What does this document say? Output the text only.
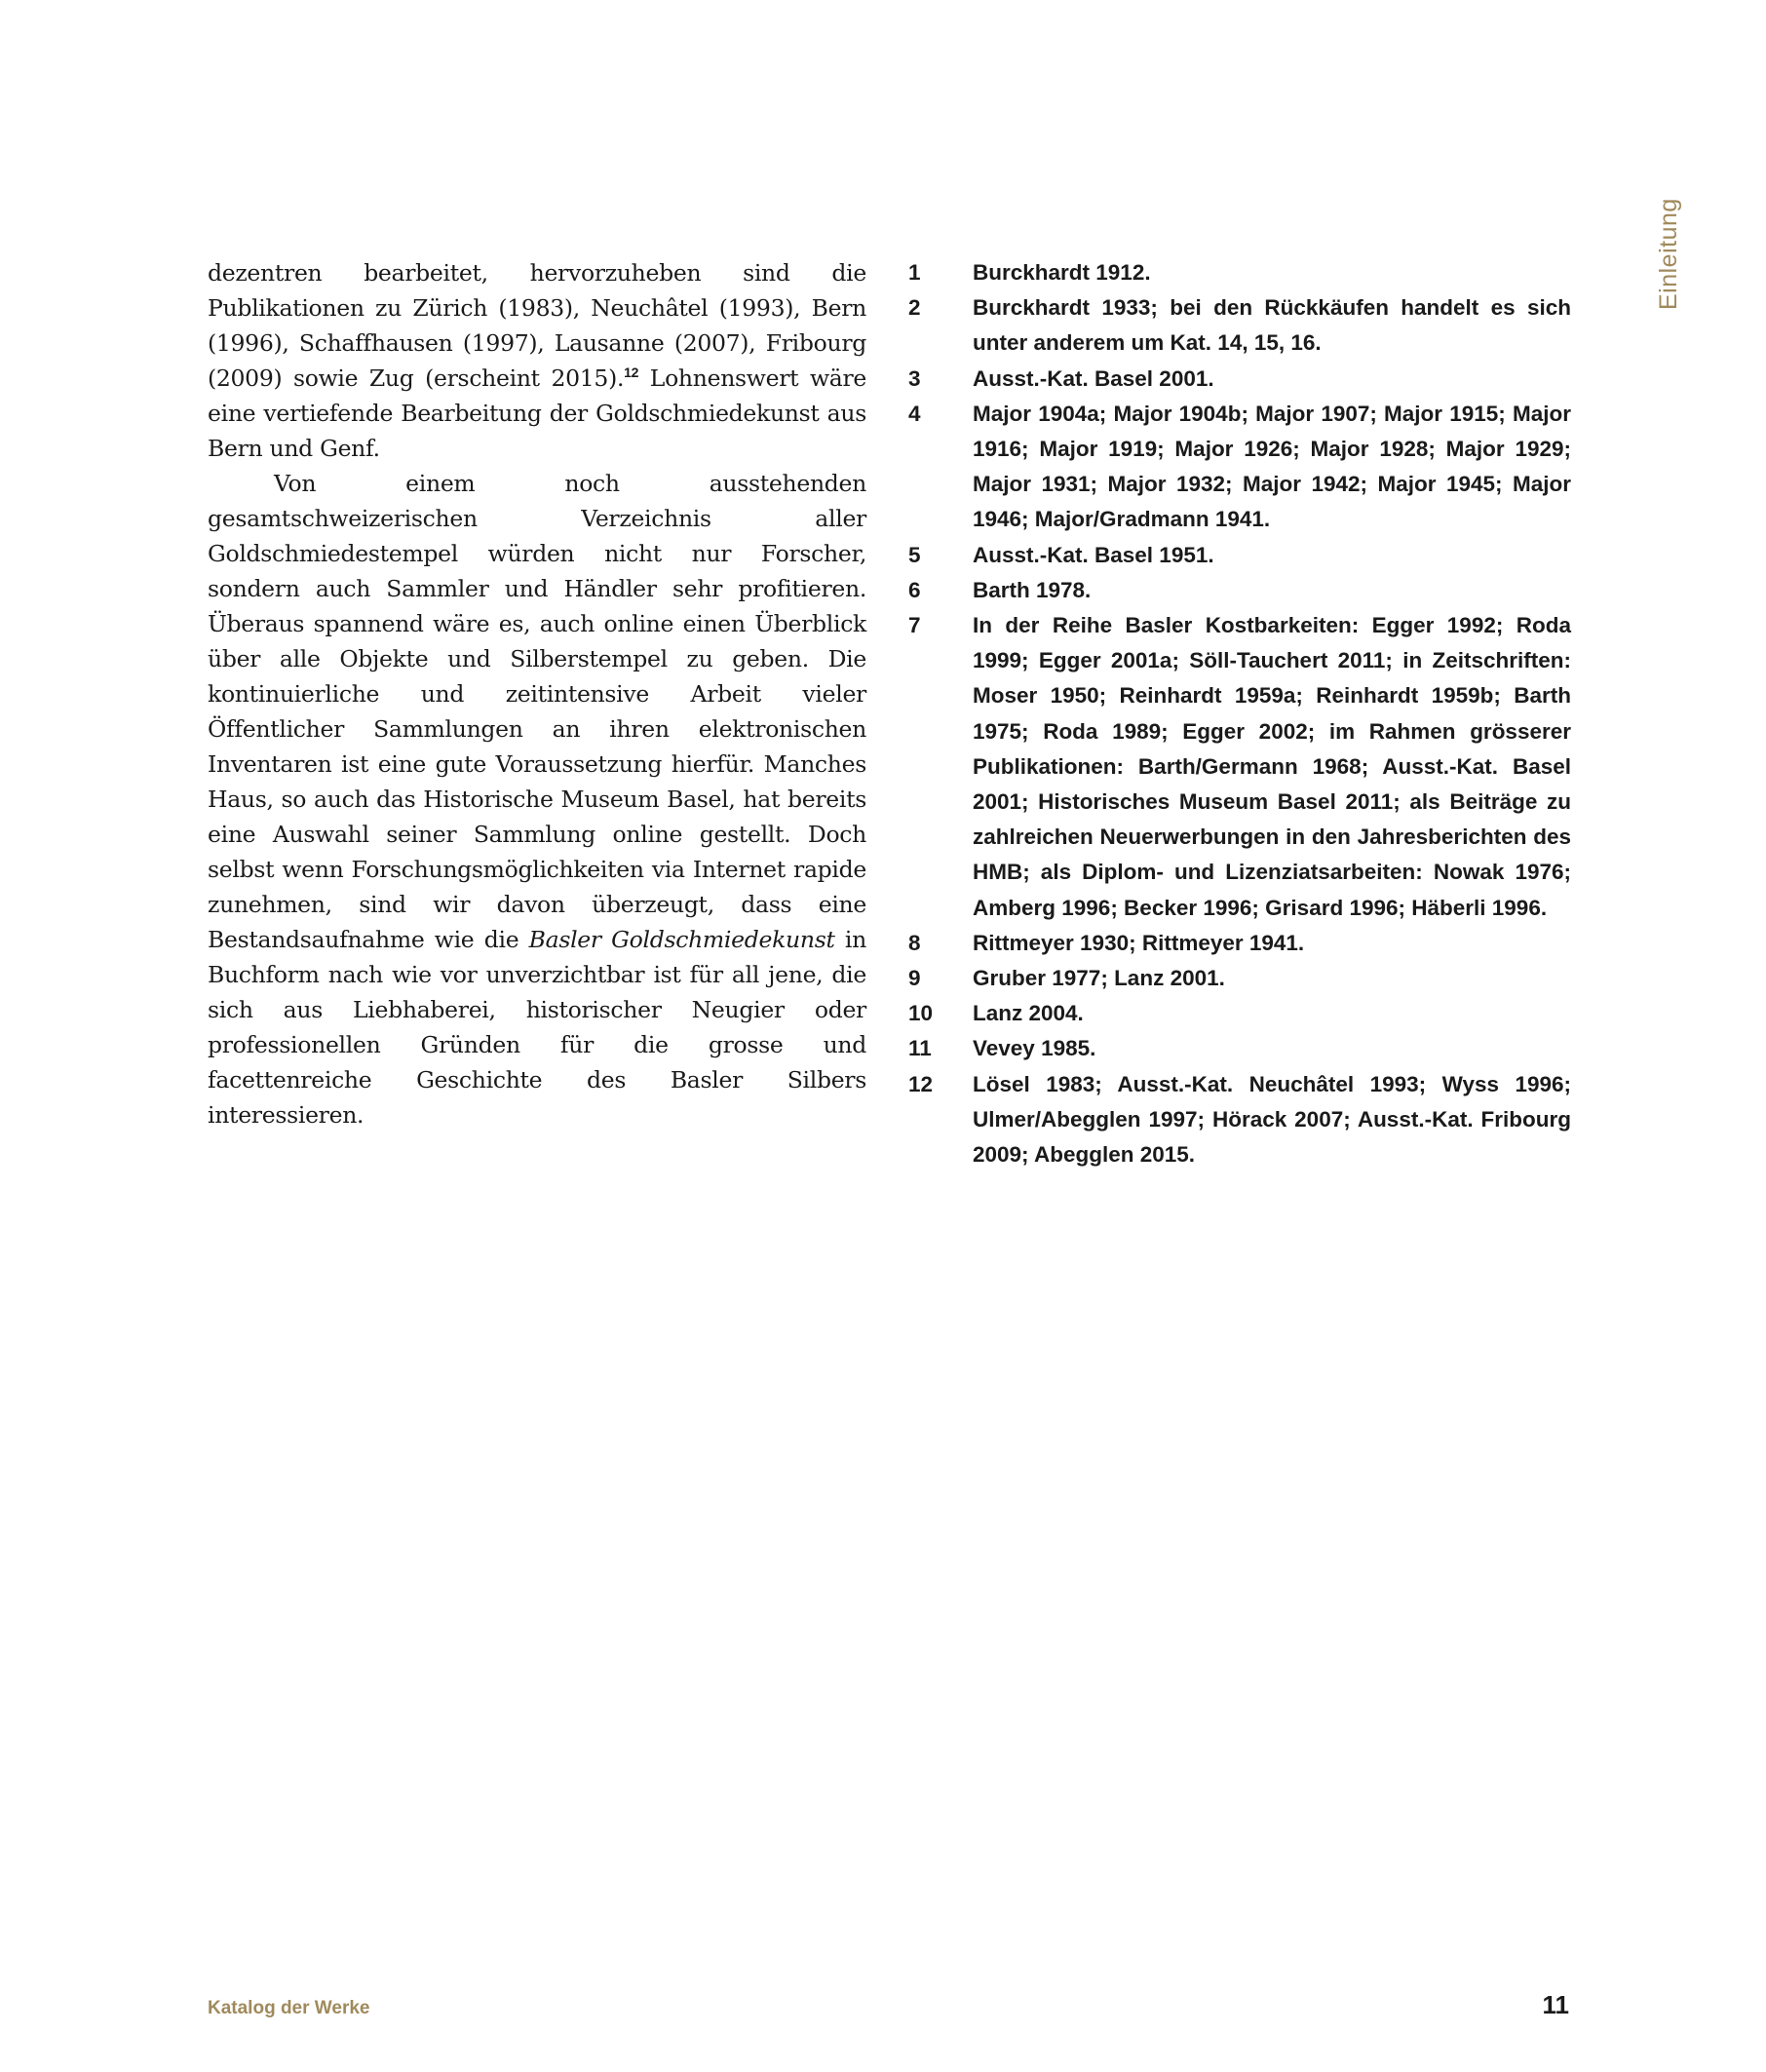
Einleitung

dezentren bearbeitet, hervorzuheben sind die Publikationen zu Zürich (1983), Neuchâtel (1993), Bern (1996), Schaffhausen (1997), Lausanne (2007), Fribourg (2009) sowie Zug (erscheint 2015).$^{12}$ Lohnenswert wäre eine vertiefende Bearbeitung der Goldschmiedekunst aus Bern und Genf.

Von einem noch ausstehenden gesamtschweizerischen Verzeichnis aller Goldschmiedestempel würden nicht nur Forscher, sondern auch Sammler und Händler sehr profitieren. Überaus spannend wäre es, auch online einen Überblick über alle Objekte und Silberstempel zu geben. Die kontinuierliche und zeitintensive Arbeit vieler Öffentlicher Sammlungen an ihren elektronischen Inventaren ist eine gute Voraussetzung hierfür. Manches Haus, so auch das Historische Museum Basel, hat bereits eine Auswahl seiner Sammlung online gestellt. Doch selbst wenn Forschungsmöglichkeiten via Internet rapide zunehmen, sind wir davon überzeugt, dass eine Bestandsaufnahme wie die Basler Goldschmiedekunst in Buchform nach wie vor unverzichtbar ist für all jene, die sich aus Liebhaberei, historischer Neugier oder professionellen Gründen für die grosse und facettenreiche Geschichte des Basler Silbers interessieren.

1	Burckhardt 1912.
2	Burckhardt 1933; bei den Rückkäufen handelt es sich unter anderem um Kat. 14, 15, 16.
3	Ausst.-Kat. Basel 2001.
4	Major 1904a; Major 1904b; Major 1907; Major 1915; Major 1916; Major 1919; Major 1926; Major 1928; Major 1929; Major 1931; Major 1932; Major 1942; Major 1945; Major 1946; Major/Gradmann 1941.
5	Ausst.-Kat. Basel 1951.
6	Barth 1978.
7	In der Reihe Basler Kostbarkeiten: Egger 1992; Roda 1999; Egger 2001a; Söll-Tauchert 2011; in Zeitschriften: Moser 1950; Reinhardt 1959a; Reinhardt 1959b; Barth 1975; Roda 1989; Egger 2002; im Rahmen grösserer Publikationen: Barth/Germann 1968; Ausst.-Kat. Basel 2001; Historisches Museum Basel 2011; als Beiträge zu zahlreichen Neuerwerbungen in den Jahresberichten des HMB; als Diplom- und Lizenziatsarbeiten: Nowak 1976; Amberg 1996; Becker 1996; Grisard 1996; Häberli 1996.
8	Rittmeyer 1930; Rittmeyer 1941.
9	Gruber 1977; Lanz 2001.
10	Lanz 2004.
11	Vevey 1985.
12	Lösel 1983; Ausst.-Kat. Neuchâtel 1993; Wyss 1996; Ulmer/Abegglen 1997; Hörack 2007; Ausst.-Kat. Fribourg 2009; Abegglen 2015.
Katalog der Werke	11
